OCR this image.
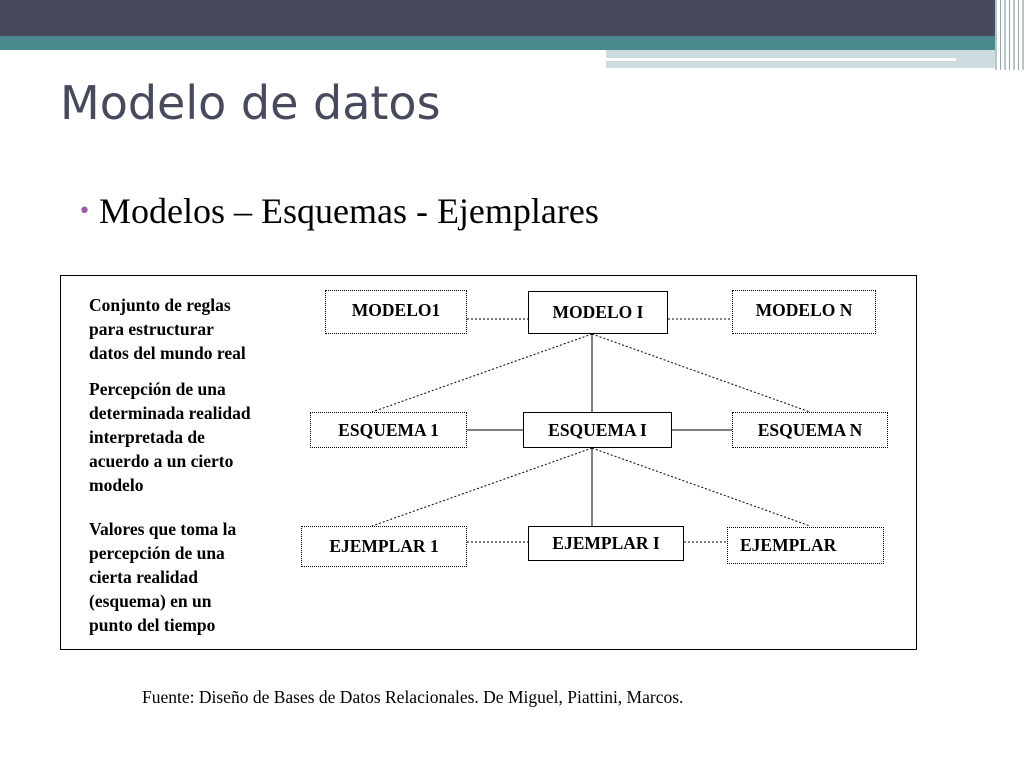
Modelo de datos
• Modelos – Esquemas - Ejemplares
Conjunto de reglas
para estructurar
datos del mundo real
Percepción de una
determinada realidad
interpretada de
acuerdo a un cierto
modelo
Valores que toma la
percepción de una
cierta realidad
(esquema) en un
punto del tiempo
MODELO1	MODELO I	MODELO N
ESQUEMA 1	ESQUEMA I	ESQUEMA N
EJEMPLAR 1	EJEMPLAR I	EJEMPLAR
Fuente: Diseño de Bases de Datos Relacionales. De Miguel, Piattini, Marcos.
